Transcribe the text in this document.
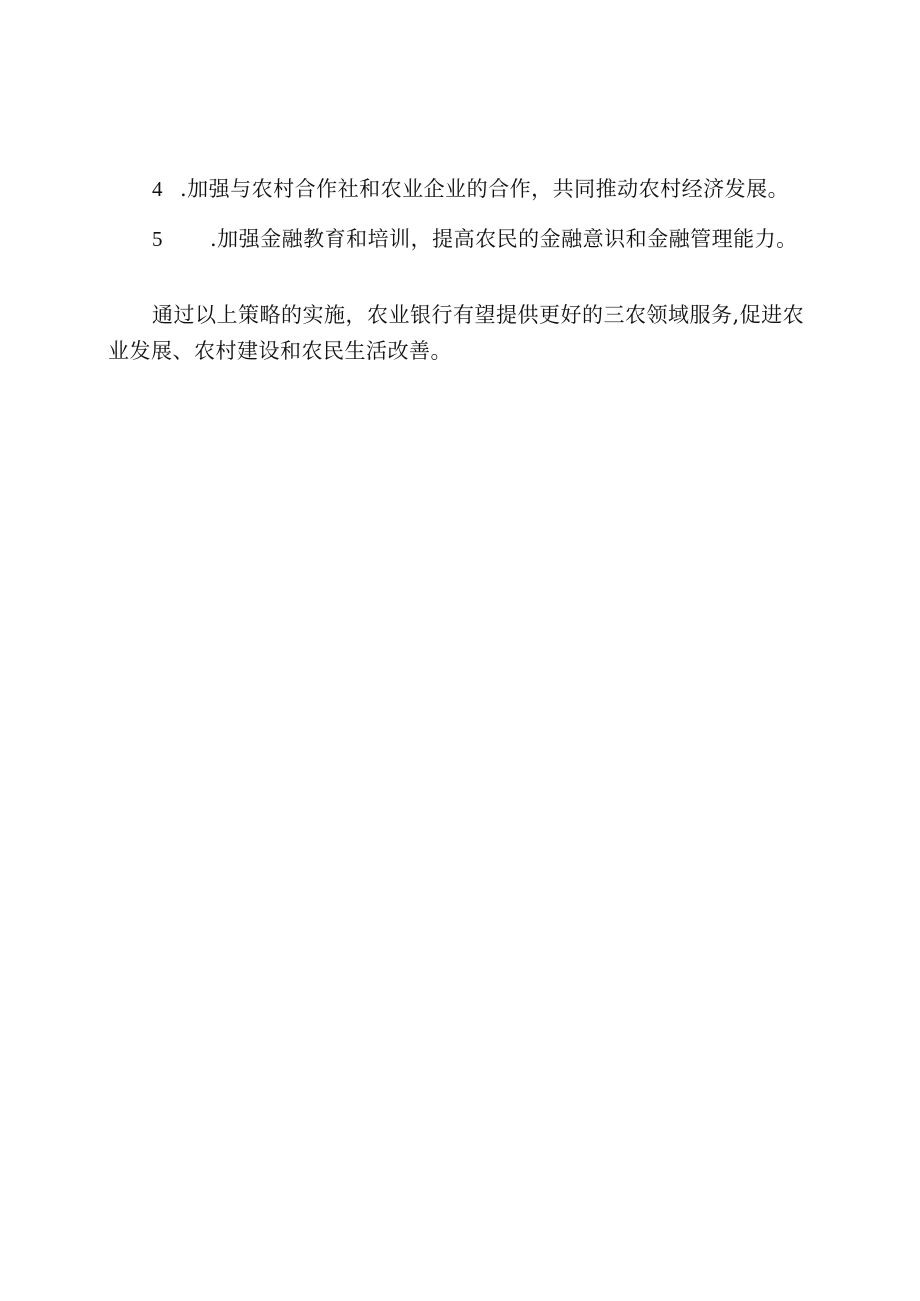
4 .加强与农村合作社和农业企业的合作，共同推动农村经济发展。

5 .加强金融教育和培训，提高农民的金融意识和金融管理能力。

通过以上策略的实施，农业银行有望提供更好的三农领域服务,促进农业发展、农村建设和农民生活改善。
